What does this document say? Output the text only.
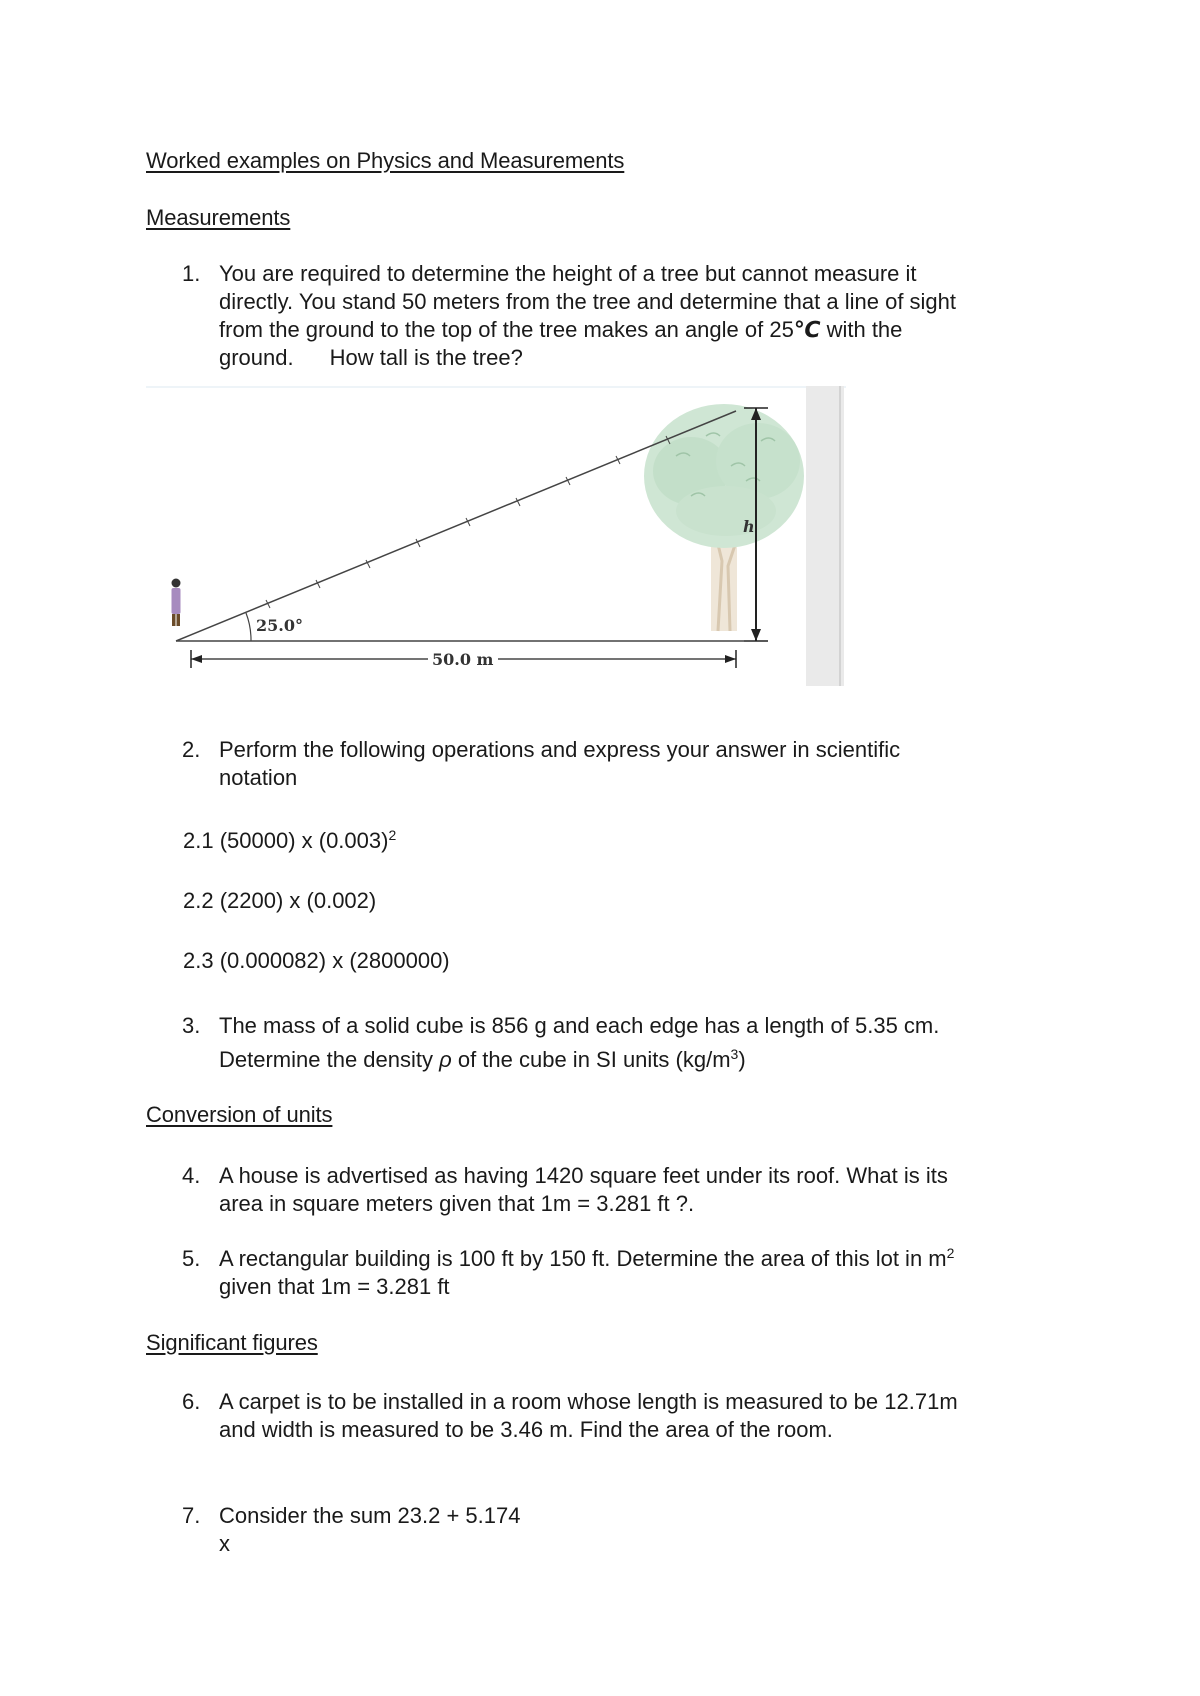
Worked examples on Physics and Measurements
Measurements
1. You are required to determine the height of a tree but cannot measure it
directly. You stand 50 meters from the tree and determine that a line of sight
from the ground to the top of the tree makes an angle of 25℃ with the
ground. How tall is the tree?
25.0°
h
50.0 m
2. Perform the following operations and express your answer in scientific
notation
2.1 (50000) x $(0.003)^2$
2.2 (2200) x (0.002)
2.3 (0.000082) x (2800000)
3. The mass of a solid cube is 856 g and each edge has a length of 5.35 cm.
Determine the density ρ of the cube in SI units $(kg/m^3)$
Conversion of units
4. A house is advertised as having 1420 square feet under its roof. What is its
area in square meters given that 1m = 3.281 ft ?.
5. A rectangular building is 100 ft by 150 ft. Determine the area of this lot in $m^2$
given that 1m = 3.281 ft
Significant figures
6. A carpet is to be installed in a room whose length is measured to be 12.71m
and width is measured to be 3.46 m. Find the area of the room.
7. Consider the sum 23.2 + 5.174
x
